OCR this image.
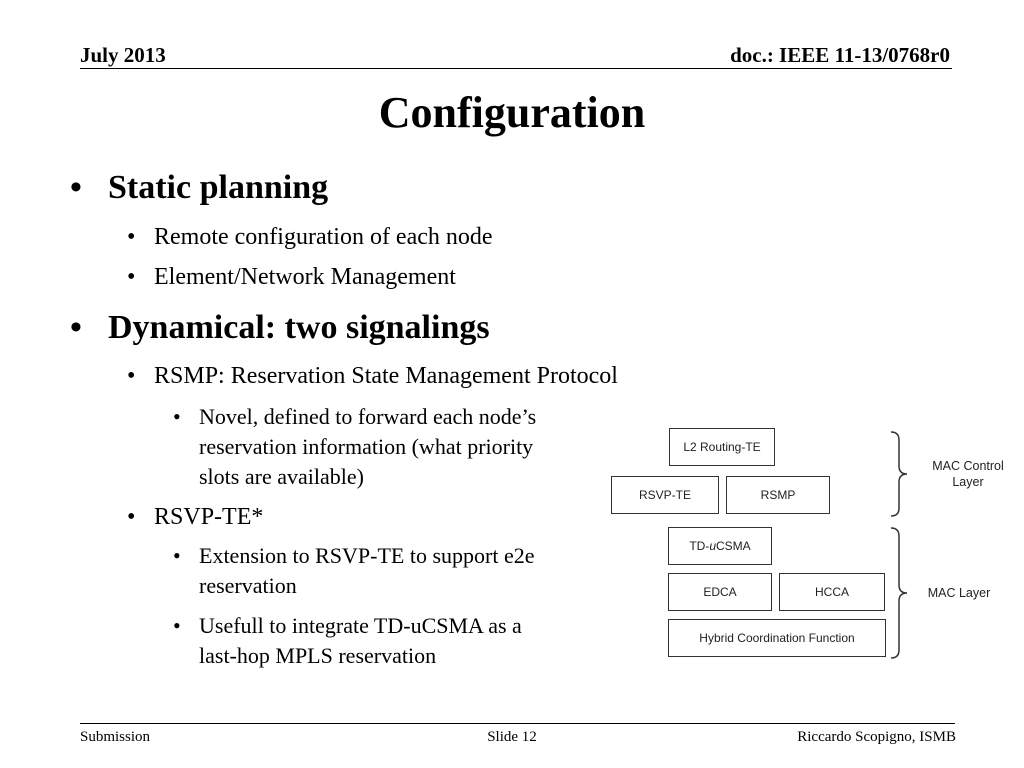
July 2013	doc.: IEEE 11-13/0768r0
Configuration
• Static planning
• Remote configuration of each node
• Element/Network Management
• Dynamical: two signalings
• RSMP: Reservation State Management Protocol
• Novel, defined to forward each node’s
reservation information (what priority
slots are available)
• RSVP-TE*
• Extension to RSVP-TE to support e2e
reservation
• Usefull to integrate TD-uCSMA as a
last-hop MPLS reservation
L2 Routing-TE
RSVP-TE	RSMP
TD- u CSMA
EDCA	HCCA
Hybrid Coordination Function
MAC Control
Layer
MAC Layer
Submission	Slide 12	Riccardo Scopigno, ISMB
